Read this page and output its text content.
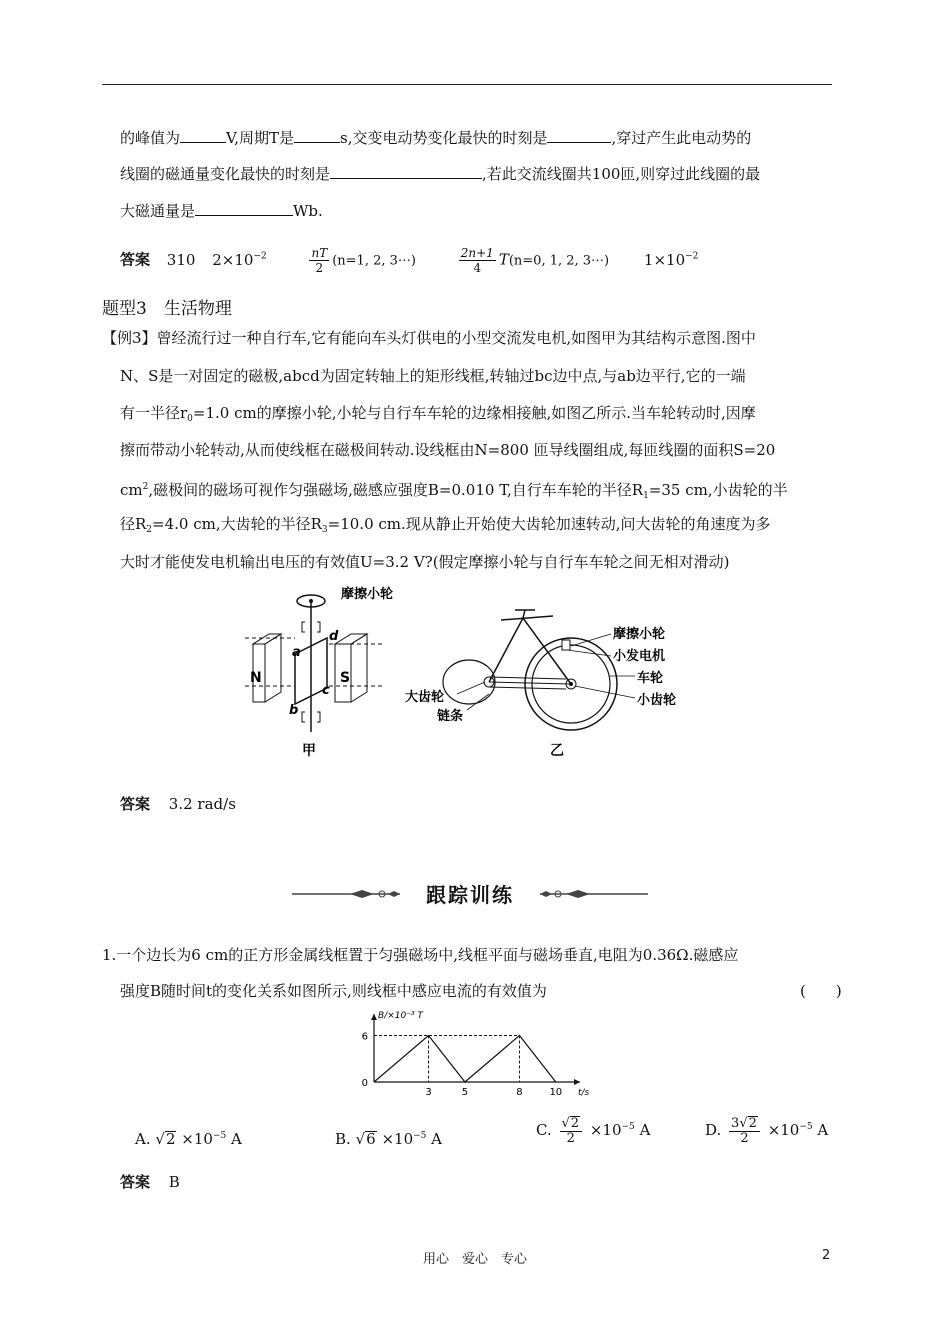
的峰值为	V,周期T是	s,交变电动势变化最快的时刻是	,穿过产生此电动势的
线圈的磁通量变化最快的时刻是	,若此交流线圈共100匝,则穿过此线圈的最
大磁通量是	Wb.
答案 310 $2\times 10^{-2}$	$\frac{nT}{2} (n=1$, 2, 3⋯)	$\frac{2n+1}{4} T(n=0$, 1, 2, 3⋯) $1\times 10^{-2}$
题型3　生活物理
【例3】曾经流行过一种自行车,它有能向车头灯供电的小型交流发电机,如图甲为其结构示意图.图中
N、S是一对固定的磁极,abcd为固定转轴上的矩形线框,转轴过bc边中点,与ab边平行,它的一端
有一半径$r_0=1.0$ cm的摩擦小轮,小轮与自行车车轮的边缘相接触,如图乙所示.当车轮转动时,因摩
擦而带动小轮转动,从而使线框在磁极间转动.设线框由N=800 匝导线圈组成,每匝线圈的面积S=20
$cm^2$,磁极间的磁场可视作匀强磁场,磁感应强度B=0.010 T,自行车车轮的半径$R_1=35$ cm,小齿轮的半
径$R_2=4.0$ cm,大齿轮的半径$R_3=10.0$ cm.现从静止开始使大齿轮加速转动,问大齿轮的角速度为多
大时才能使发电机输出电压的有效值U=3.2 V?(假定摩擦小轮与自行车车轮之间无相对滑动)
摩擦小轮
N	S
a
d
c
b
甲
摩擦小轮
小发电机
车轮
小齿轮
大齿轮
链条
乙
答案 3.2 rad/s
跟踪训练
1.一个边长为6 cm的正方形金属线框置于匀强磁场中,线框平面与磁场垂直,电阻为0.36Ω.磁感应
强度B随时间t的变化关系如图所示,则线框中感应电流的有效值为	(　　)
3	5	8	10
0
6
B/×10⁻³ T
t/s
A. $√2 \times 10^{-5}$ A	B. $√6 \times 10^{-5}$ A	C. $\frac{√2}{2} \times 10^{-5}$ A	D. $\frac{3√2}{2} \times 10^{-5}$ A
答案 B
用心　爱心　专心	2
